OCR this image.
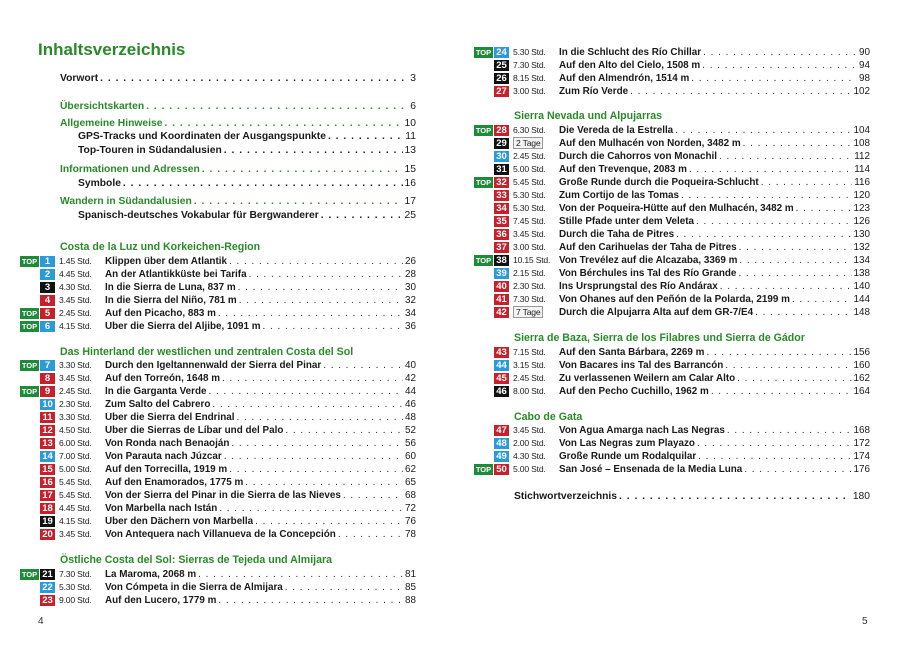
Inhaltsverzeichnis
Vorwort . . .	3
Übersichtskarten . . .	6
Allgemeine Hinweise . . .	10
GPS-Tracks und Koordinaten der Ausgangspunkte . . .	11
Top-Touren in Südandalusien . . .	13
Informationen und Adressen . . .	15
Symbole . . .	16
Wandern in Südandalusien . . .	17
Spanisch-deutsches Vokabular für Bergwanderer . . .	25
Costa de la Luz und Korkeichen-Region
TOP 1	1.45 Std.	Klippen über dem Atlantik . . .	26
2	4.45 Std.	An der Atlantikküste bei Tarifa . . .	28
3	4.30 Std.	In die Sierra de Luna, 837 m . . .	30
4	3.45 Std.	In die Sierra del Niño, 781 m . . .	32
TOP 5	2.45 Std.	Auf den Picacho, 883 m . . .	34
TOP 6	4.15 Std.	Über die Sierra del Aljibe, 1091 m . . .	36
Das Hinterland der westlichen und zentralen Costa del Sol
TOP 7	3.30 Std.	Durch den Igeltannenwald der Sierra del Pinar . . .	40
8	3.45 Std.	Auf den Torreón, 1648 m . . .	42
TOP 9	2.45 Std.	In die Garganta Verde . . .	44
10 2.30 Std.	Zum Salto del Cabrero . . .	46
11 3.30 Std.	Über die Sierra del Endrinal . . .	48
12 4.50 Std.	Über die Sierras de Líbar und del Palo . . .	52
13 6.00 Std.	Von Ronda nach Benaoján . . .	56
14 7.00 Std.	Von Parauta nach Júzcar . . .	60
15 5.00 Std.	Auf den Torrecilla, 1919 m . . .	62
16 5.45 Std.	Auf den Enamorados, 1775 m . . .	65
17 5.45 Std.	Von der Sierra del Pinar in die Sierra de las Nieves . . .	68
18 4.45 Std.	Von Marbella nach Istán . . .	72
19 4.15 Std.	Über den Dächern von Marbella . . .	76
20 3.45 Std.	Von Antequera nach Villanueva de la Concepción . . .	78
Östliche Costa del Sol: Sierras de Tejeda und Almijara
TOP 21 7.30 Std.	La Maroma, 2068 m . . .	81
22 5.30 Std.	Von Cómpeta in die Sierra de Almijara . . .	85
23 9.00 Std.	Auf den Lucero, 1779 m . . .	88
4
TOP 24 5.30 Std.	In die Schlucht des Río Chillar . . .	90
25 7.30 Std.	Auf den Alto del Cielo, 1508 m . . .	94
26 8.15 Std.	Auf den Almendrón, 1514 m . . .	98
27 3.00 Std.	Zum Río Verde . . .	102
Sierra Nevada und Alpujarras
TOP 28 6.30 Std.	Die Vereda de la Estrella . . .	104
29	2 Tage	Auf den Mulhacén von Norden, 3482 m . . .	108
30 2.45 Std.	Durch die Cahorros von Monachil . . .	112
31 5.00 Std.	Auf den Trevenque, 2083 m . . .	114
TOP 32 5.45 Std.	Große Runde durch die Poqueira-Schlucht . . .	116
33 5.30 Std.	Zum Cortijo de las Tomas . . .	120
34 5.30 Std.	Von der Poqueira-Hütte auf den Mulhacén, 3482 m . . .	123
35 7.45 Std.	Stille Pfade unter dem Veleta . . .	126
36 3.45 Std.	Durch die Taha de Pitres . . .	130
37 3.00 Std.	Auf den Carihuelas der Taha de Pitres . . .	132
TOP 38 10.15 Std. Von Trevélez auf die Alcazaba, 3369 m . . .	134
39 2.15 Std.	Von Bérchules ins Tal des Río Grande . . .	138
40 2.30 Std.	Ins Ursprungstal des Río Andárax . . .	140
41 7.30 Std.	Von Ohanes auf den Peñón de la Polarda, 2199 m . . .	144
42	7 Tage	Durch die Alpujarra Alta auf dem GR-7/E4 . . .	148
Sierra de Baza, Sierra de los Filabres und Sierra de Gádor
43 7.15 Std.	Auf den Santa Bárbara, 2269 m . . .	156
44 3.15 Std.	Von Bacares ins Tal des Barrancón . . .	160
45 2.45 Std.	Zu verlassenen Weilern am Calar Alto . . .	162
46 8.00 Std.	Auf den Pecho Cuchillo, 1962 m . . .	164
Cabo de Gata
47 3.45 Std.	Von Agua Amarga nach Las Negras . . .	168
48 2.00 Std.	Von Las Negras zum Playazo . . .	172
49 4.30 Std.	Große Runde um Rodalquilar . . .	174
TOP 50 5.00 Std.	San José – Ensenada de la Media Luna . . .	176
Stichwortverzeichnis . . .	180
5
